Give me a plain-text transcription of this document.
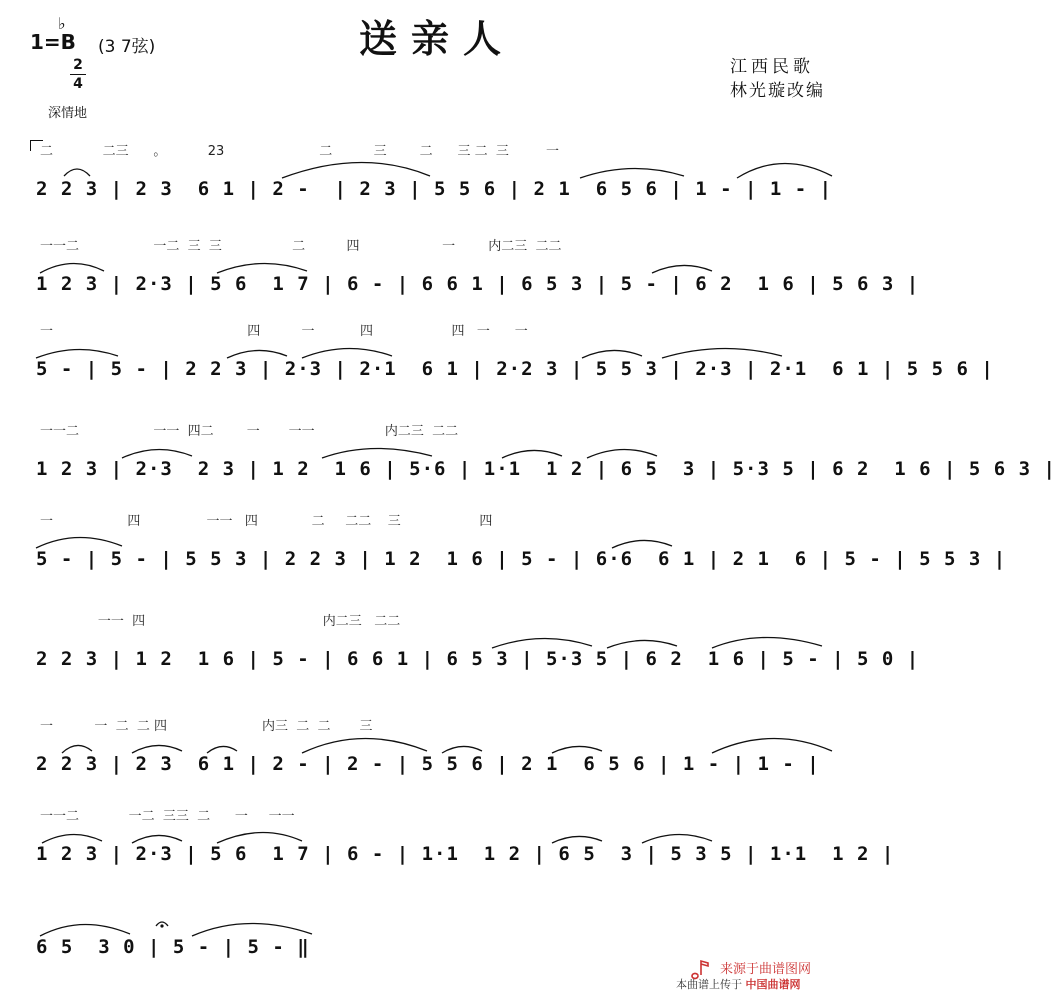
1=B
♭
(3 7弦)
2
4
深情地
送亲人
江西民歌
林光璇改编
二            二三      。          23                       二          三        二      三 二  三         一
2 2 3 | 2 3  6 1 | 2 -  | 2 3 | 5 5 6 | 2 1  6 5 6 | 1 - | 1 - |
一一二                  一二  三  三                 二          四                    一        内二三  二二
1 2 3 | 2·3 | 5 6  1 7 | 6 - | 6 6 1 | 6 5 3 | 5 - | 6 2  1 6 | 5 6 3 |
一                                               四          一           四                   四   一      一
5 - | 5 - | 2 2 3 | 2·3 | 2·1  6 1 | 2·2 3 | 5 5 3 | 2·3 | 2·1  6 1 | 5 5 6 |
一一二                  一一  四二        一       一一                 内二三  二二
1 2 3 | 2·3  2 3 | 1 2  1 6 | 5·6 | 1·1  1 2 | 6 5  3 | 5·3 5 | 6 2  1 6 | 5 6 3 |
一                  四                一一   四             二     二二    三                   四
5 - | 5 - | 5 5 3 | 2 2 3 | 1 2  1 6 | 5 - | 6·6  6 1 | 2 1  6 | 5 - | 5 5 3 |
一一  四                                           内二三   二二
2 2 3 | 1 2  1 6 | 5 - | 6 6 1 | 6 5 3 | 5·3 5 | 6 2  1 6 | 5 - | 5 0 |
一          一  二  二 四                       内三  二  二       三
2 2 3 | 2 3  6 1 | 2 - | 2 - | 5 5 6 | 2 1  6 5 6 | 1 - | 1 - |
一一二            一二  三三  二      一     一一
1 2 3 | 2·3 | 5 6  1 7 | 6 - | 1·1  1 2 | 6 5  3 | 5 3 5 | 1·1  1 2 |
6 5  3 0 | 5 - | 5 - ‖
来源于曲谱图网
本曲谱上传于 中国曲谱网
